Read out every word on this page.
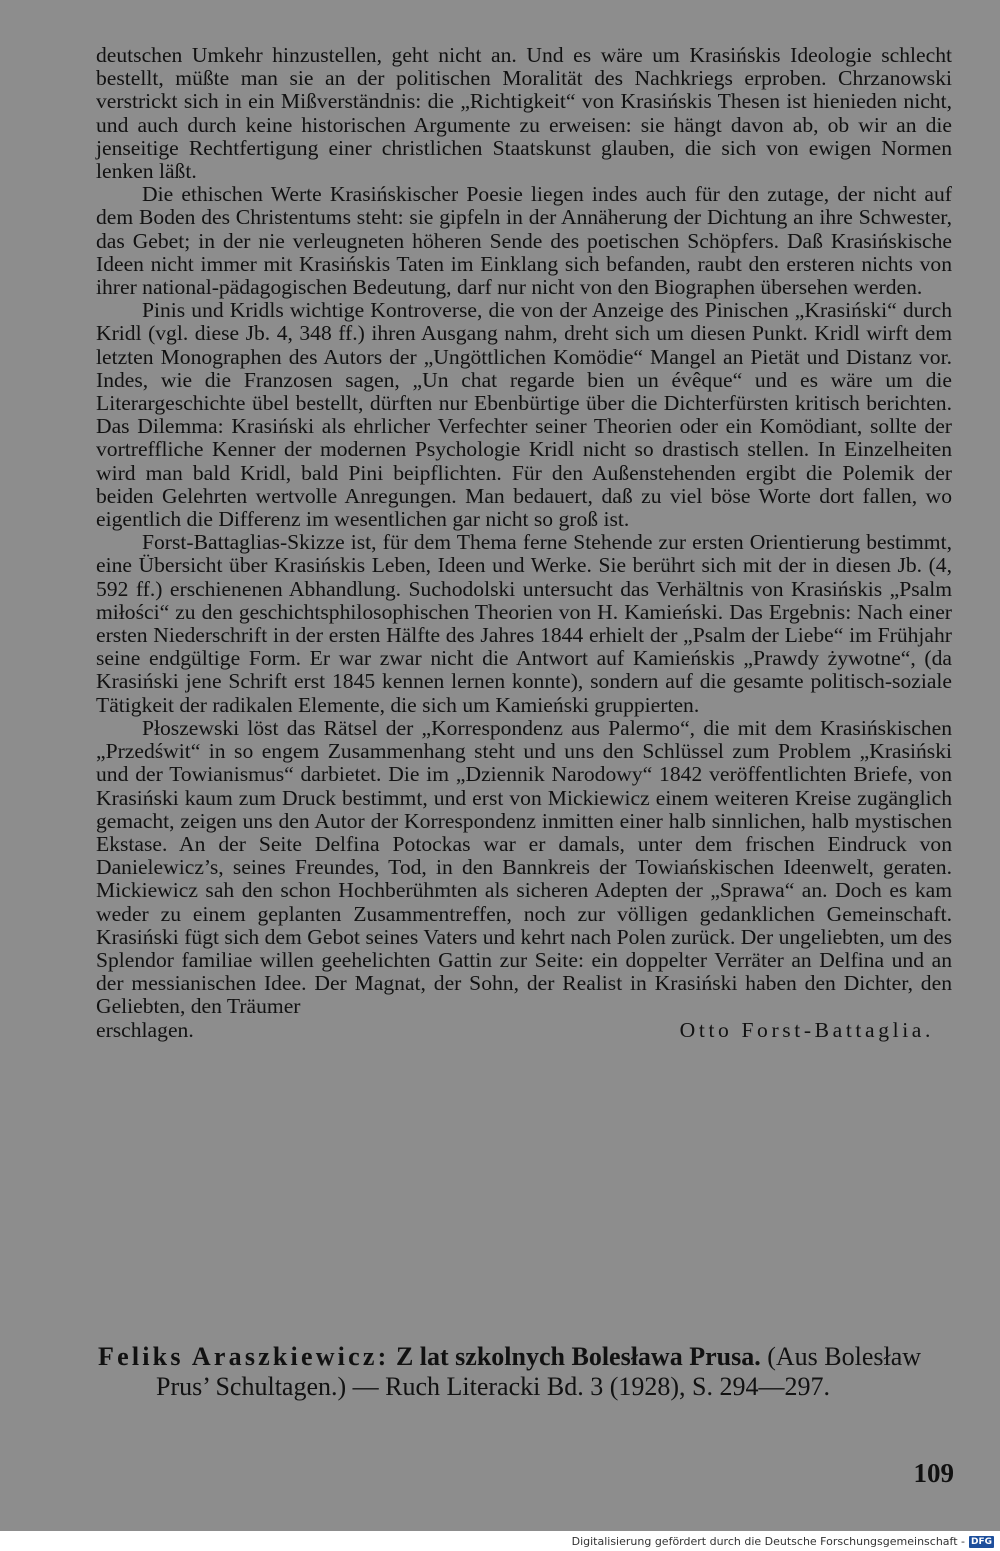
deutschen Umkehr hinzustellen, geht nicht an. Und es wäre um Krasińskis Ideologie schlecht bestellt, müßte man sie an der politischen Moralität des Nachkriegs erproben. Chrzanowski verstrickt sich in ein Mißverständnis: die „Richtigkeit“ von Krasińskis Thesen ist hienieden nicht, und auch durch keine historischen Argumente zu erweisen: sie hängt davon ab, ob wir an die jenseitige Rechtfertigung einer christlichen Staatskunst glauben, die sich von ewigen Normen lenken läßt.

Die ethischen Werte Krasińskischer Poesie liegen indes auch für den zutage, der nicht auf dem Boden des Christentums steht: sie gipfeln in der Annäherung der Dichtung an ihre Schwester, das Gebet; in der nie verleugneten höheren Sende des poetischen Schöpfers. Daß Krasińskische Ideen nicht immer mit Krasińskis Taten im Einklang sich befanden, raubt den ersteren nichts von ihrer national-pädagogischen Bedeutung, darf nur nicht von den Biographen übersehen werden.

Pinis und Kridls wichtige Kontroverse, die von der Anzeige des Pinischen „Krasiński“ durch Kridl (vgl. diese Jb. 4, 348 ff.) ihren Ausgang nahm, dreht sich um diesen Punkt. Kridl wirft dem letzten Monographen des Autors der „Ungöttlichen Komödie“ Mangel an Pietät und Distanz vor. Indes, wie die Franzosen sagen, „Un chat regarde bien un évêque“ und es wäre um die Literargeschichte übel bestellt, dürften nur Ebenbürtige über die Dichterfürsten kritisch berichten. Das Dilemma: Krasiński als ehrlicher Verfechter seiner Theorien oder ein Komödiant, sollte der vortreffliche Kenner der modernen Psychologie Kridl nicht so drastisch stellen. In Einzelheiten wird man bald Kridl, bald Pini beipflichten. Für den Außenstehenden ergibt die Polemik der beiden Gelehrten wertvolle Anregungen. Man bedauert, daß zu viel böse Worte dort fallen, wo eigentlich die Differenz im wesentlichen gar nicht so groß ist.

Forst-Battaglias-Skizze ist, für dem Thema ferne Stehende zur ersten Orientierung bestimmt, eine Übersicht über Krasińskis Leben, Ideen und Werke. Sie berührt sich mit der in diesen Jb. (4, 592 ff.) erschienenen Abhandlung. Suchodolski untersucht das Verhältnis von Krasińskis „Psalm miłości“ zu den geschichtsphilosophischen Theorien von H. Kamieński. Das Ergebnis: Nach einer ersten Niederschrift in der ersten Hälfte des Jahres 1844 erhielt der „Psalm der Liebe“ im Frühjahr seine endgültige Form. Er war zwar nicht die Antwort auf Kamieńskis „Prawdy żywotne“, (da Krasiński jene Schrift erst 1845 kennen lernen konnte), sondern auf die gesamte politisch-soziale Tätigkeit der radikalen Elemente, die sich um Kamieński gruppierten.

Płoszewski löst das Rätsel der „Korrespondenz aus Palermo“, die mit dem Krasińskischen „Przedświt“ in so engem Zusammenhang steht und uns den Schlüssel zum Problem „Krasiński und der Towianismus“ darbietet. Die im „Dziennik Narodowy“ 1842 veröffentlichten Briefe, von Krasiński kaum zum Druck bestimmt, und erst von Mickiewicz einem weiteren Kreise zugänglich gemacht, zeigen uns den Autor der Korrespondenz inmitten einer halb sinnlichen, halb mystischen Ekstase. An der Seite Delfina Potockas war er damals, unter dem frischen Eindruck von Danielewicz’s, seines Freundes, Tod, in den Bannkreis der Towiańskischen Ideenwelt, geraten. Mickiewicz sah den schon Hochberühmten als sicheren Adepten der „Sprawa“ an. Doch es kam weder zu einem geplanten Zusammentreffen, noch zur völligen gedanklichen Gemeinschaft. Krasiński fügt sich dem Gebot seines Vaters und kehrt nach Polen zurück. Der ungeliebten, um des Splendor familiae willen geehelichten Gattin zur Seite: ein doppelter Verräter an Delfina und an der messianischen Idee. Der Magnat, der Sohn, der Realist in Krasiński haben den Dichter, den Geliebten, den Träumer

erschlagen.	Otto Forst-Battaglia.
Feliks Araszkiewicz: Z lat szkolnych Bolesława Prusa. (Aus Bolesław Prus’ Schultagen.) — Ruch Literacki Bd. 3 (1928), S. 294—297.
109
Digitalisierung gefördert durch die Deutsche Forschungsgemeinschaft - DFG
